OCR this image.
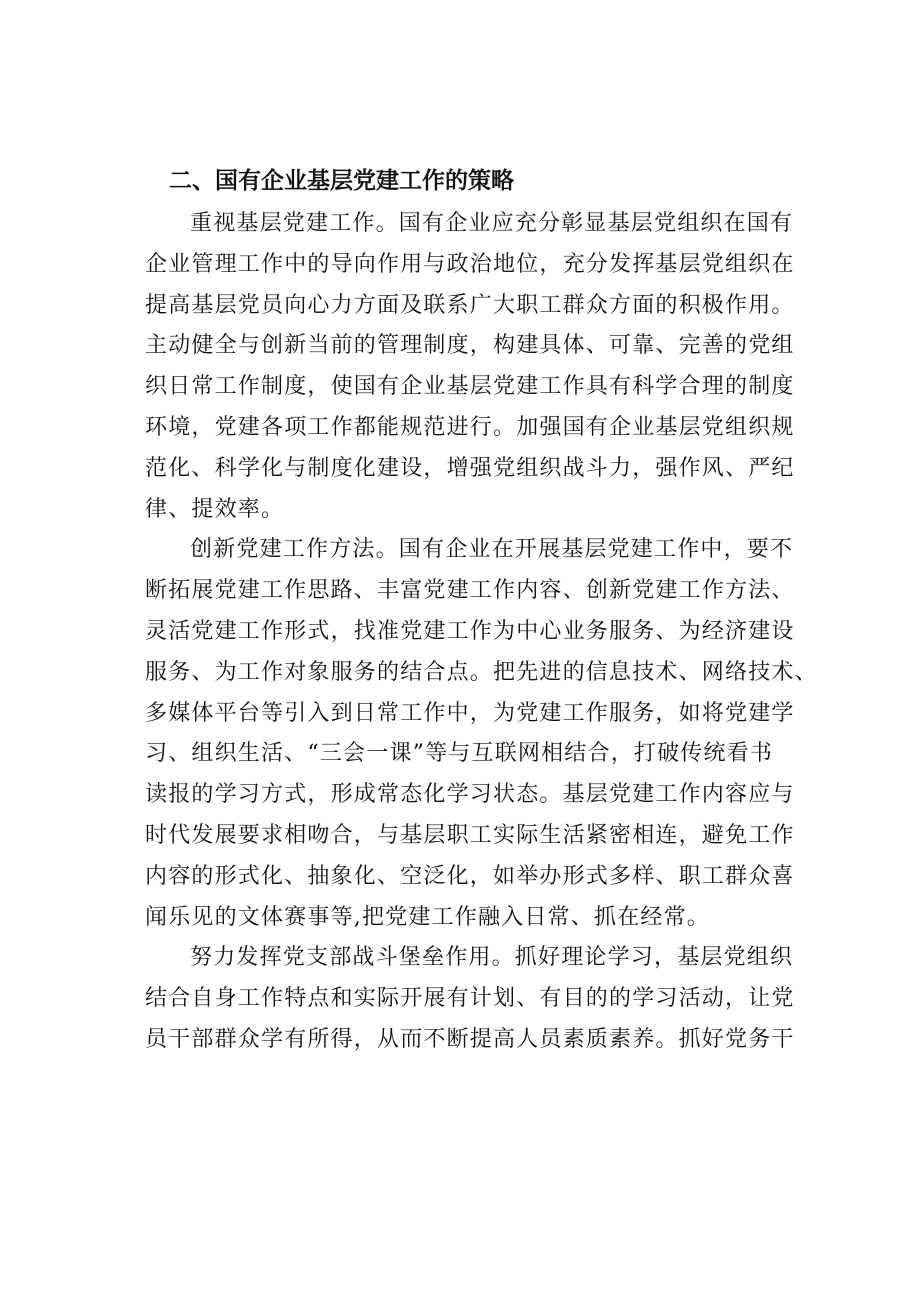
二、国有企业基层党建工作的策略

重视基层党建工作。国有企业应充分彰显基层党组织在国有
企业管理工作中的导向作用与政治地位，充分发挥基层党组织在
提高基层党员向心力方面及联系广大职工群众方面的积极作用。
主动健全与创新当前的管理制度，构建具体、可靠、完善的党组
织日常工作制度，使国有企业基层党建工作具有科学合理的制度
环境，党建各项工作都能规范进行。加强国有企业基层党组织规
范化、科学化与制度化建设，增强党组织战斗力，强作风、严纪
律、提效率。

创新党建工作方法。国有企业在开展基层党建工作中，要不
断拓展党建工作思路、丰富党建工作内容、创新党建工作方法、
灵活党建工作形式，找准党建工作为中心业务服务、为经济建设
服务、为工作对象服务的结合点。把先进的信息技术、网络技术、
多媒体平台等引入到日常工作中，为党建工作服务，如将党建学
习、组织生活、“三会一课”等与互联网相结合，打破传统看书
读报的学习方式，形成常态化学习状态。基层党建工作内容应与
时代发展要求相吻合，与基层职工实际生活紧密相连，避免工作
内容的形式化、抽象化、空泛化，如举办形式多样、职工群众喜
闻乐见的文体赛事等,把党建工作融入日常、抓在经常。

努力发挥党支部战斗堡垒作用。抓好理论学习，基层党组织
结合自身工作特点和实际开展有计划、有目的的学习活动，让党
员干部群众学有所得，从而不断提高人员素质素养。抓好党务干
